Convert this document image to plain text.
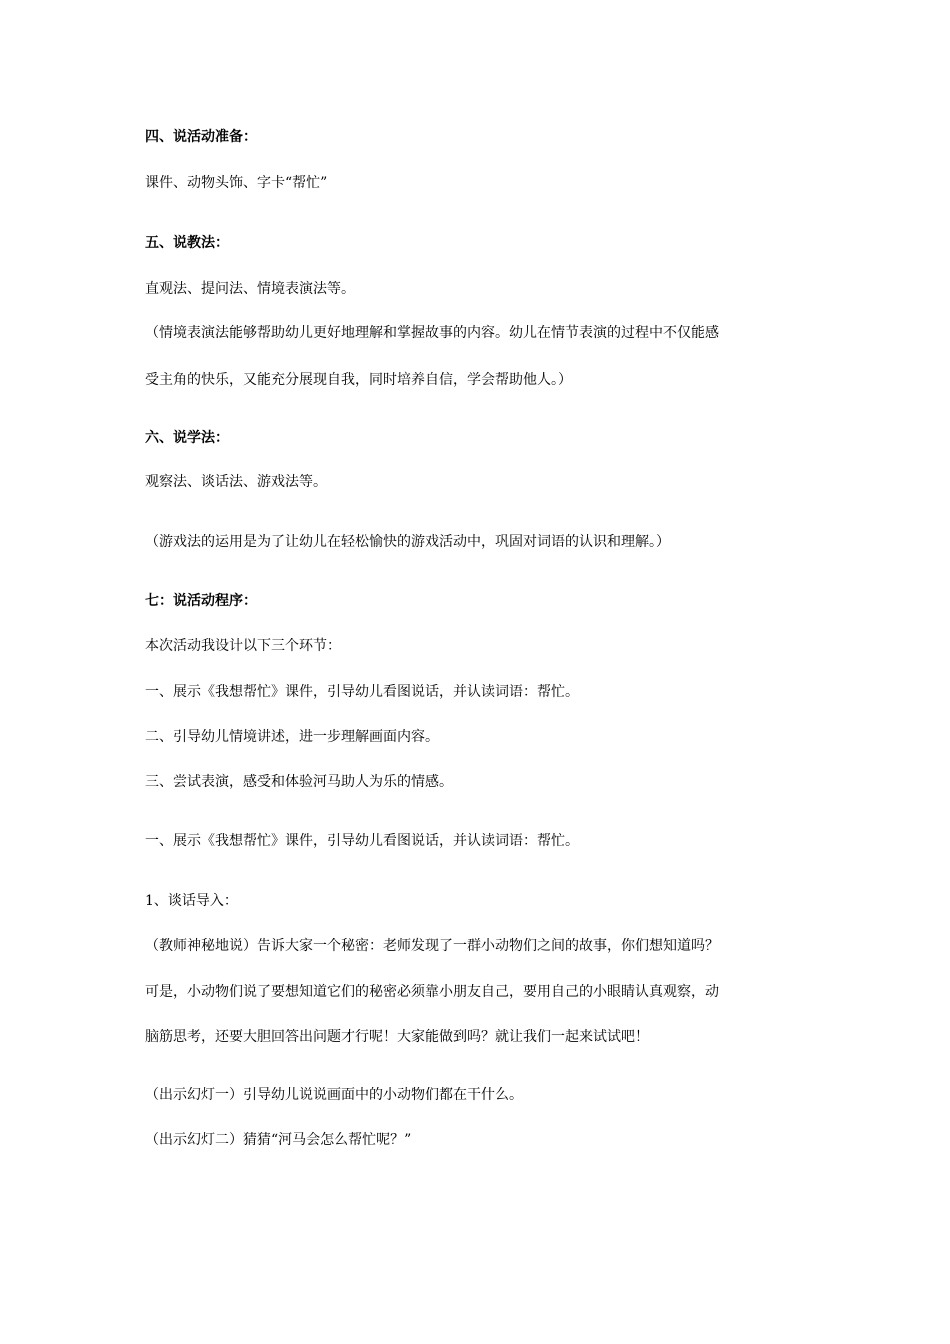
四、说活动准备：
课件、动物头饰、字卡“帮忙”
五、说教法：
直观法、提问法、情境表演法等。
（情境表演法能够帮助幼儿更好地理解和掌握故事的内容。幼儿在情节表演的过程中不仅能感
受主角的快乐，又能充分展现自我，同时培养自信，学会帮助他人。）
六、说学法：
观察法、谈话法、游戏法等。
（游戏法的运用是为了让幼儿在轻松愉快的游戏活动中，巩固对词语的认识和理解。）
七：说活动程序：
本次活动我设计以下三个环节：
一、展示《我想帮忙》课件，引导幼儿看图说话，并认读词语：帮忙。
二、引导幼儿情境讲述，进一步理解画面内容。
三、尝试表演，感受和体验河马助人为乐的情感。
一、展示《我想帮忙》课件，引导幼儿看图说话，并认读词语：帮忙。
1、谈话导入：
（教师神秘地说）告诉大家一个秘密：老师发现了一群小动物们之间的故事，你们想知道吗？
可是，小动物们说了要想知道它们的秘密必须靠小朋友自己，要用自己的小眼睛认真观察，动
脑筋思考，还要大胆回答出问题才行呢！大家能做到吗？就让我们一起来试试吧！
（出示幻灯一）引导幼儿说说画面中的小动物们都在干什么。
（出示幻灯二）猜猜“河马会怎么帮忙呢？”
